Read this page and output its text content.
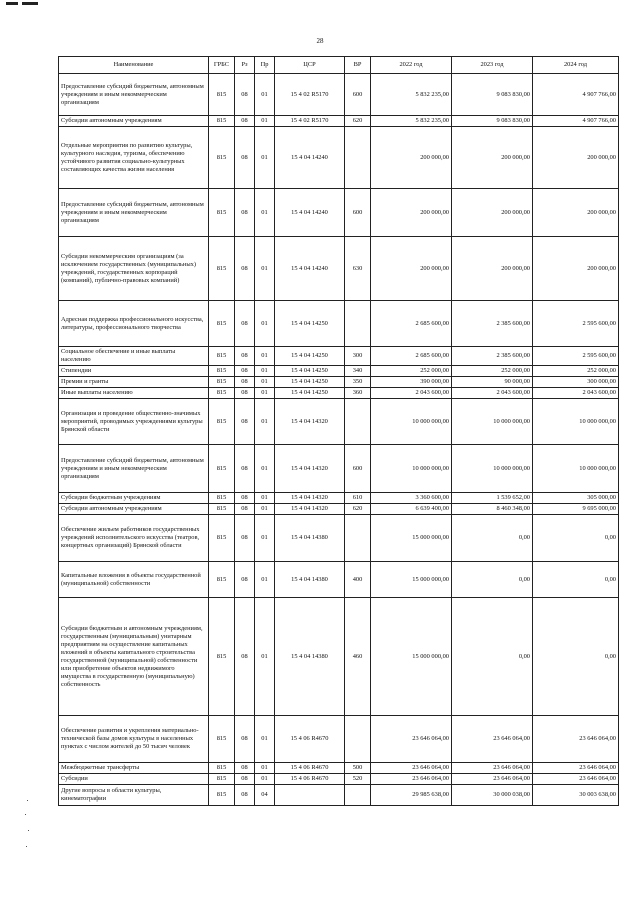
28
Наименование	ГРБС	Рз	Пр	ЦСР	ВР	2022 год	2023 год	2024 год
Предоставление субсидий бюджетным, автономным учреждениям и иным некоммерческим организациям	815	08	01	15 4 02 R5170	600	5 832 235,00	9 083 830,00	4 907 766,00
Субсидии автономным учреждениям	815	08	01	15 4 02 R5170	620	5 832 235,00	9 083 830,00	4 907 766,00
Отдельные мероприятия по развитию культуры, культурного наследия, туризма, обеспечению устойчивого развития социально-культурных составляющих качества жизни населения	815	08	01	15 4 04 14240		200 000,00	200 000,00	200 000,00
Предоставление субсидий бюджетным, автономным учреждениям и иным некоммерческим организациям	815	08	01	15 4 04 14240	600	200 000,00	200 000,00	200 000,00
Субсидии некоммерческим организациям (за исключением государственных (муниципальных) учреждений, государственных корпораций (компаний), публично-правовых компаний)	815	08	01	15 4 04 14240	630	200 000,00	200 000,00	200 000,00
Адресная поддержка профессионального искусства, литературы, профессионального творчества	815	08	01	15 4 04 14250		2 685 600,00	2 385 600,00	2 595 600,00
Социальное обеспечение и иные выплаты населению	815	08	01	15 4 04 14250	300	2 685 600,00	2 385 600,00	2 595 600,00
Стипендии	815	08	01	15 4 04 14250	340	252 000,00	252 000,00	252 000,00
Премии и гранты	815	08	01	15 4 04 14250	350	390 000,00	90 000,00	300 000,00
Иные выплаты населению	815	08	01	15 4 04 14250	360	2 043 600,00	2 043 600,00	2 043 600,00
Организация и проведение общественно-значимых мероприятий, проводимых учреждениями культуры Брянской области	815	08	01	15 4 04 14320		10 000 000,00	10 000 000,00	10 000 000,00
Предоставление субсидий бюджетным, автономным учреждениям и иным некоммерческим организациям	815	08	01	15 4 04 14320	600	10 000 000,00	10 000 000,00	10 000 000,00
Субсидии бюджетным учреждениям	815	08	01	15 4 04 14320	610	3 360 600,00	1 539 652,00	305 000,00
Субсидии автономным учреждениям	815	08	01	15 4 04 14320	620	6 639 400,00	8 460 348,00	9 695 000,00
Обеспечение жильем работников государственных учреждений исполнительского искусства (театров, концертных организаций) Брянской области	815	08	01	15 4 04 14380		15 000 000,00	0,00	0,00
Капитальные вложения в объекты государственной (муниципальной) собственности	815	08	01	15 4 04 14380	400	15 000 000,00	0,00	0,00
Субсидии бюджетным и автономным учреждениям, государственным (муниципальным) унитарным предприятиям на осуществление капитальных вложений в объекты капитального строительства государственной (муниципальной) собственности или приобретение объектов недвижимого имущества в государственную (муниципальную) собственность	815	08	01	15 4 04 14380	460	15 000 000,00	0,00	0,00
Обеспечение развития и укрепления материально-технической базы домов культуры в населенных пунктах с числом жителей до 50 тысяч человек	815	08	01	15 4 06 R4670		23 646 064,00	23 646 064,00	23 646 064,00
Межбюджетные трансферты	815	08	01	15 4 06 R4670	500	23 646 064,00	23 646 064,00	23 646 064,00
Субсидии	815	08	01	15 4 06 R4670	520	23 646 064,00	23 646 064,00	23 646 064,00
Другие вопросы в области культуры, кинематографии	815	08	04			29 985 638,00	30 000 038,00	30 003 638,00
